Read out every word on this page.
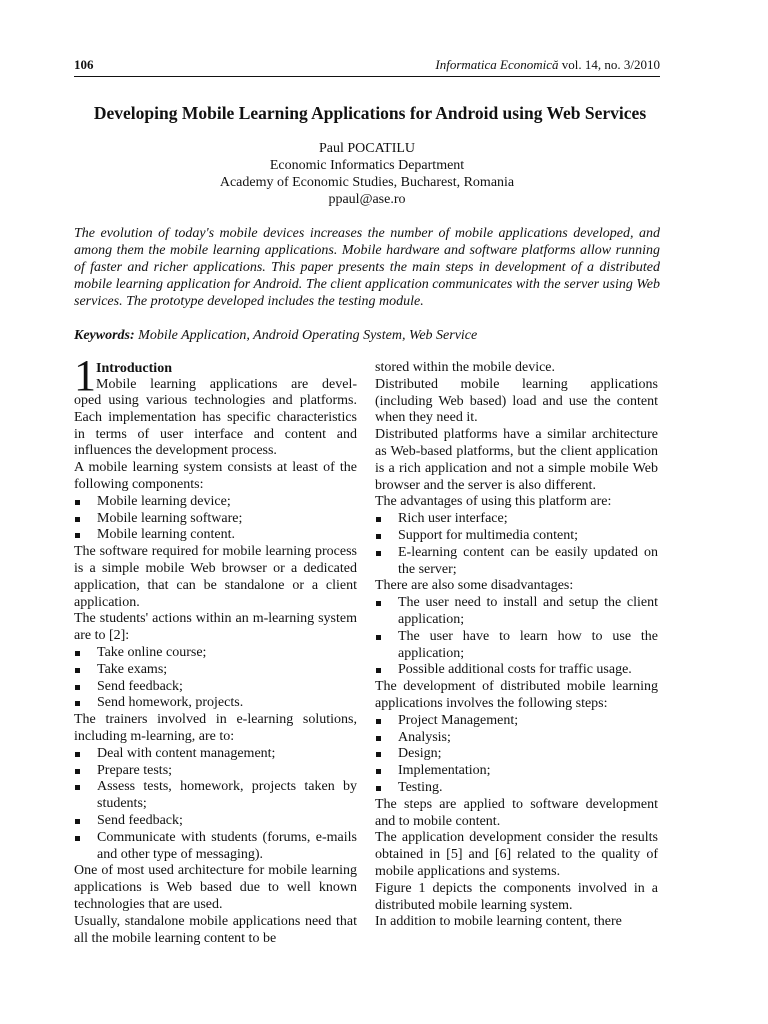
106	Informatica Economică vol. 14, no. 3/2010
Developing Mobile Learning Applications for Android using Web Services
Paul POCATILU
Economic Informatics Department
Academy of Economic Studies, Bucharest, Romania
ppaul@ase.ro
The evolution of today's mobile devices increases the number of mobile applications developed, and among them the mobile learning applications. Mobile hardware and software platforms allow running of faster and richer applications. This paper presents the main steps in development of a distributed mobile learning application for Android. The client application communicates with the server using Web services. The prototype developed includes the testing module.
Keywords: Mobile Application, Android Operating System, Web Service
1 Introduction
Mobile learning applications are devel-

oped using various technologies and platforms. Each implementation has specific characteristics in terms of user interface and content and influences the development process.

A mobile learning system consists at least of the following components:

Mobile learning device;
Mobile learning software;
Mobile learning content.

The software required for mobile learning process is a simple mobile Web browser or a dedicated application, that can be standalone or a client application.

The students' actions within an m-learning system are to [2]:

Take online course;
Take exams;
Send feedback;
Send homework, projects.

The trainers involved in e-learning solutions, including m-learning, are to:

Deal with content management;
Prepare tests;
Assess tests, homework, projects taken by students;
Send feedback;
Communicate with students (forums, e-mails and other type of messaging).

One of most used architecture for mobile learning applications is Web based due to well known technologies that are used.

Usually, standalone mobile applications need that all the mobile learning content to be

stored within the mobile device.

Distributed mobile learning applications (including Web based) load and use the content when they need it.

Distributed platforms have a similar architecture as Web-based platforms, but the client application is a rich application and not a simple mobile Web browser and the server is also different.

The advantages of using this platform are:

Rich user interface;
Support for multimedia content;
E-learning content can be easily updated on the server;

There are also some disadvantages:

The user need to install and setup the client application;
The user have to learn how to use the application;
Possible additional costs for traffic usage.

The development of distributed mobile learning applications involves the following steps:

Project Management;
Analysis;
Design;
Implementation;
Testing.

The steps are applied to software development and to mobile content.

The application development consider the results obtained in [5] and [6] related to the quality of mobile applications and systems.

Figure 1 depicts the components involved in a distributed mobile learning system.

In addition to mobile learning content, there
